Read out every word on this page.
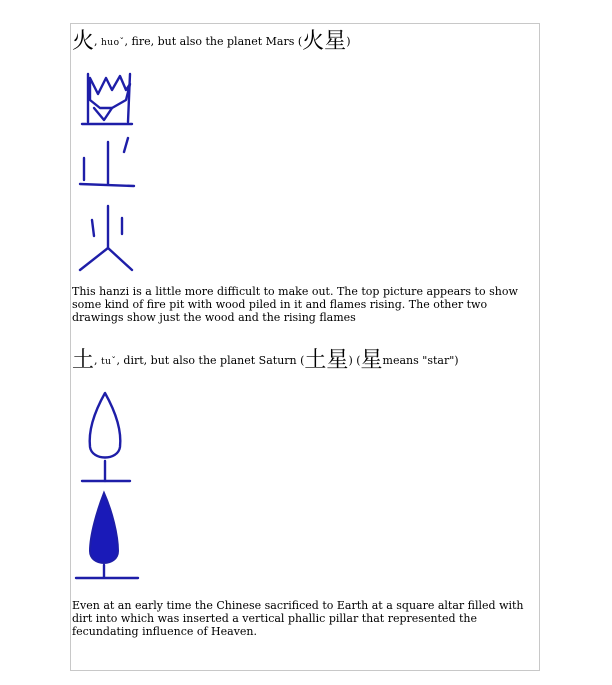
火, huoˇ, fire, but also the planet Mars (火星)

This hanzi is a little more difficult to make out. The top picture appears to show some kind of fire pit with wood piled in it and flames rising. The other two drawings show just the wood and the rising flames

土, tuˇ, dirt, but also the planet Saturn (土星) (星means "star")

Even at an early time the Chinese sacrificed to Earth at a square altar filled with dirt into which was inserted a vertical phallic pillar that represented the fecundating influence of Heaven.
